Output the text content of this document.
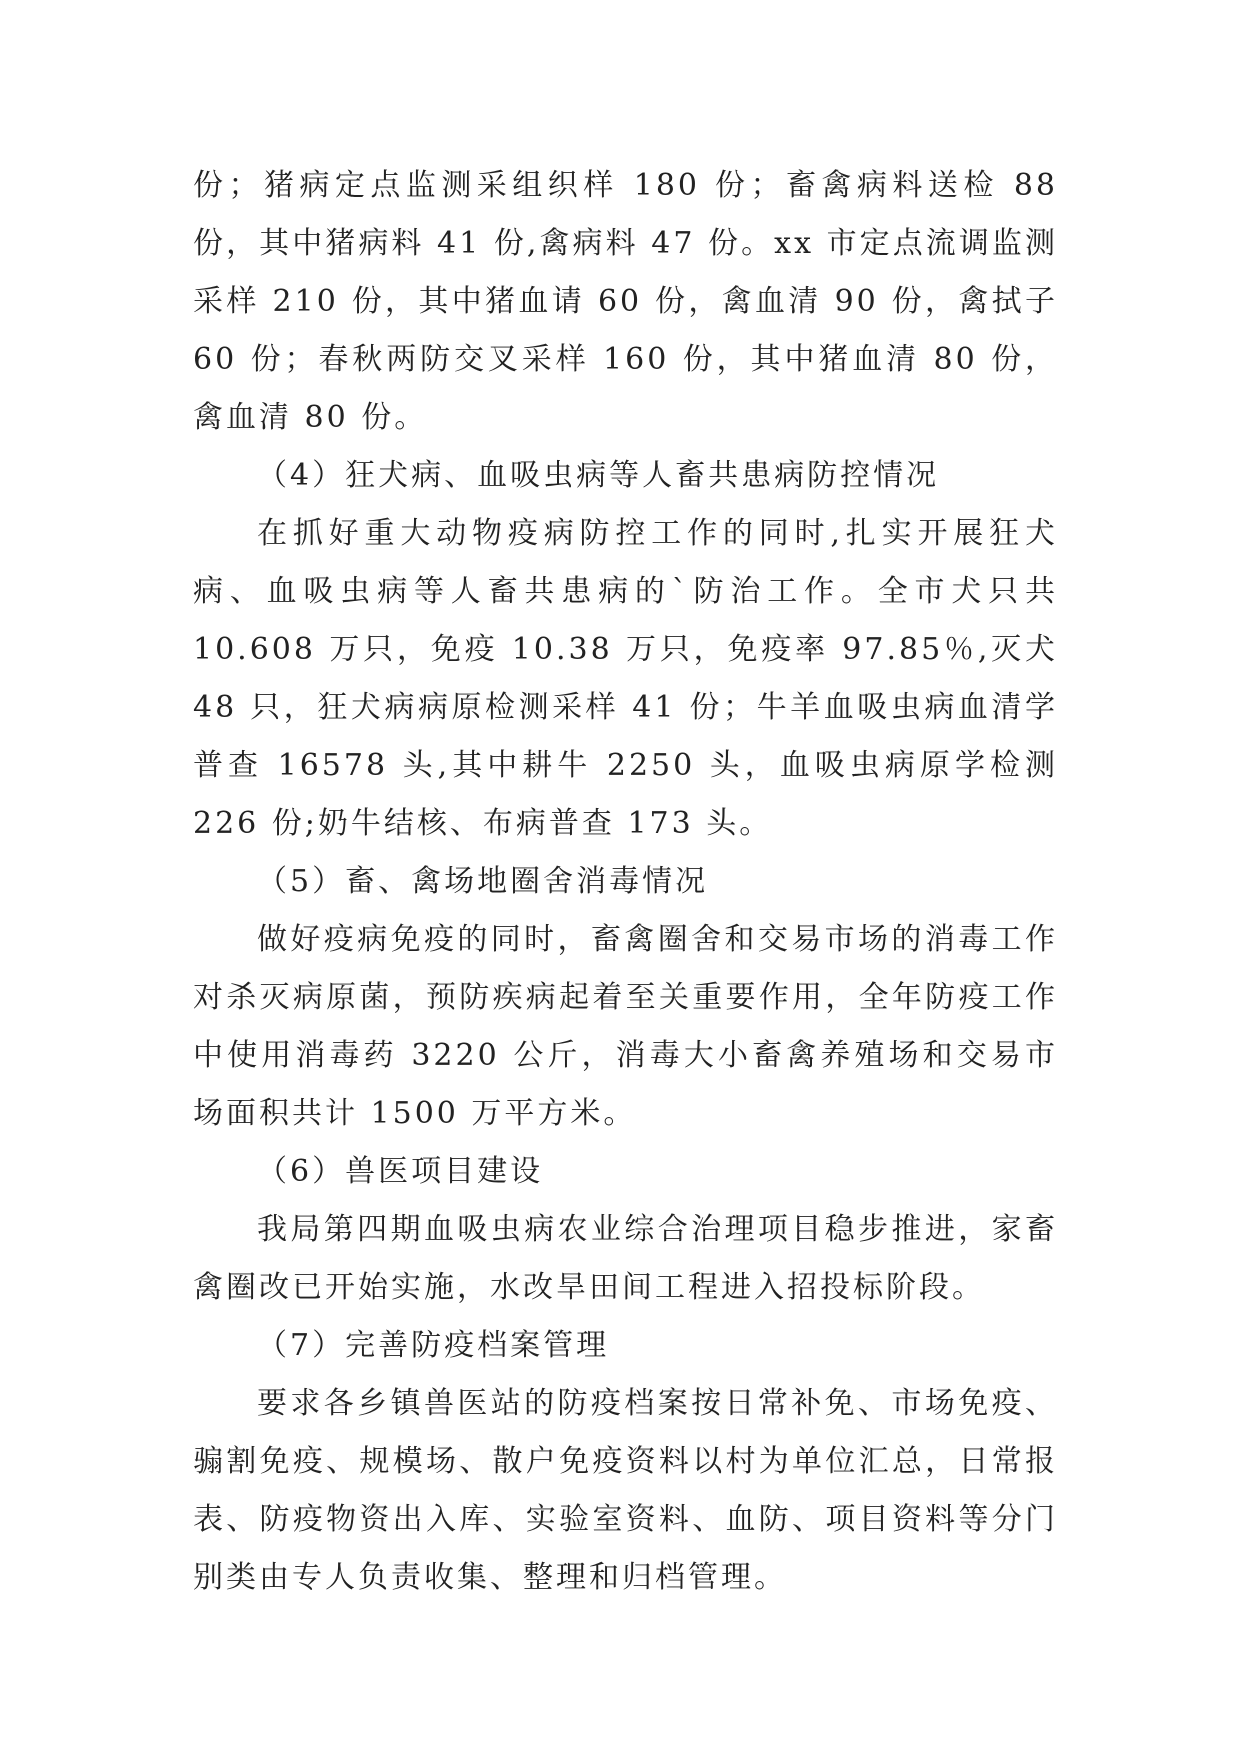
份；猪病定点监测采组织样 180 份；畜禽病料送检 88 份，其中猪病料 41 份,禽病料 47 份。xx 市定点流调监测采样 210 份，其中猪血请 60 份，禽血清 90 份，禽拭子 60 份；春秋两防交叉采样 160 份，其中猪血清 80 份，禽血清 80 份。

（4）狂犬病、血吸虫病等人畜共患病防控情况

在抓好重大动物疫病防控工作的同时,扎实开展狂犬病、血吸虫病等人畜共患病的`防治工作。全市犬只共 10.608 万只，免疫 10.38 万只，免疫率 97.85％,灭犬 48 只，狂犬病病原检测采样 41 份；牛羊血吸虫病血清学普查 16578 头,其中耕牛 2250 头，血吸虫病原学检测 226 份;奶牛结核、布病普查 173 头。

（5）畜、禽场地圈舍消毒情况

做好疫病免疫的同时，畜禽圈舍和交易市场的消毒工作对杀灭病原菌，预防疾病起着至关重要作用，全年防疫工作中使用消毒药 3220 公斤，消毒大小畜禽养殖场和交易市场面积共计 1500 万平方米。

（6）兽医项目建设

我局第四期血吸虫病农业综合治理项目稳步推进，家畜禽圈改已开始实施，水改旱田间工程进入招投标阶段。

（7）完善防疫档案管理

要求各乡镇兽医站的防疫档案按日常补免、市场免疫、骟割免疫、规模场、散户免疫资料以村为单位汇总，日常报表、防疫物资出入库、实验室资料、血防、项目资料等分门别类由专人负责收集、整理和归档管理。
